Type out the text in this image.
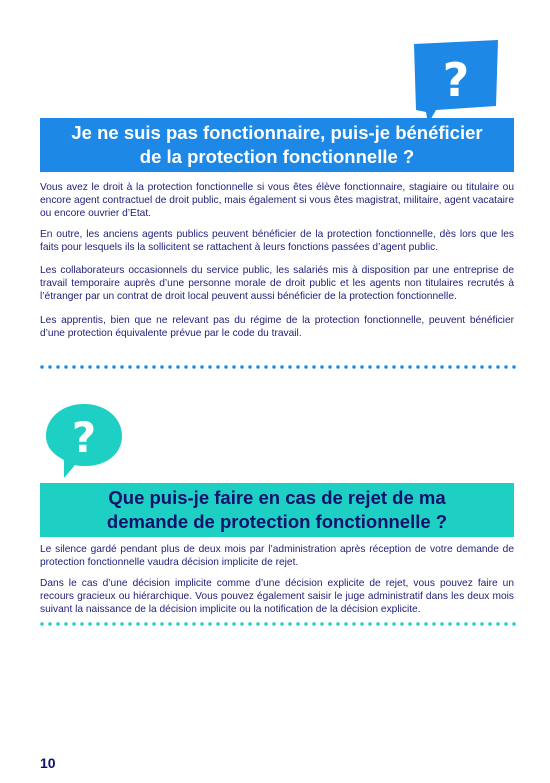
?
Je ne suis pas fonctionnaire, puis-je bénéficier
de la protection fonctionnelle ?

Vous avez le droit à la protection fonctionnelle si vous êtes élève fonctionnaire, stagiaire ou titulaire ou encore agent contractuel de droit public, mais également si vous êtes magistrat, militaire, agent vacataire ou encore ouvrier d’Etat.

En outre, les anciens agents publics peuvent bénéficier de la protection fonctionnelle, dès lors que les faits pour lesquels ils la sollicitent se rattachent à leurs fonctions passées d’agent public.

Les collaborateurs occasionnels du service public, les salariés mis à disposition par une entreprise de travail temporaire auprès d’une personne morale de droit public et les agents non titulaires recrutés à l’étranger par un contrat de droit local peuvent aussi bénéficier de la protection fonctionnelle.

Les apprentis, bien que ne relevant pas du régime de la protection fonctionnelle, peuvent bénéficier d’une protection équivalente prévue par le code du travail.

?
Que puis-je faire en cas de rejet de ma
demande de protection fonctionnelle ?

Le silence gardé pendant plus de deux mois par l’administration après réception de votre demande de protection fonctionnelle vaudra décision implicite de rejet.

Dans le cas d’une décision implicite comme d’une décision explicite de rejet, vous pouvez faire un recours gracieux ou hiérarchique. Vous pouvez également saisir le juge administratif dans les deux mois suivant la naissance de la décision implicite ou la notification de la décision explicite.

10
